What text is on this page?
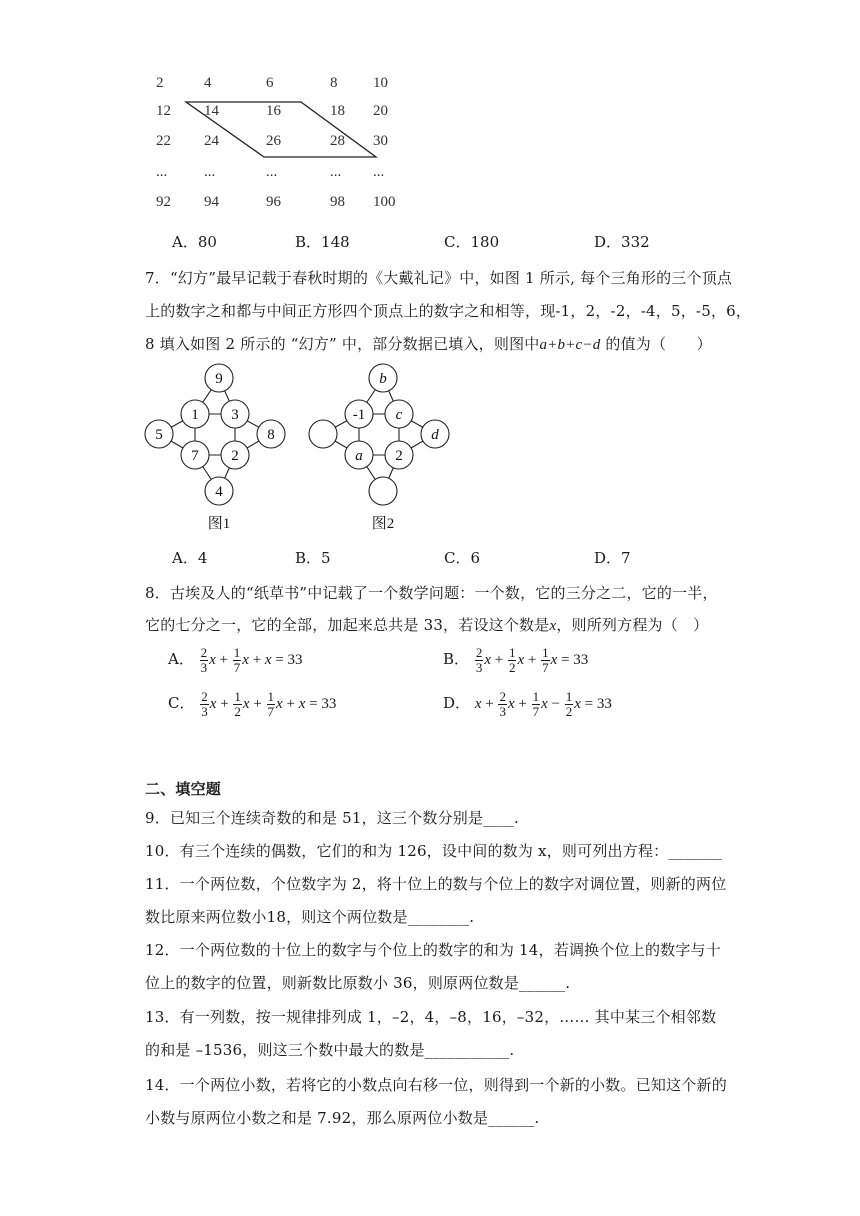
2	4	6	8 10
12 14	16	18 20
22 24	26	28 30
... ...	...	... ...
92 94	96	98 100
A．80	B．148	C．180	D．332
7．“幻方”最早记载于春秋时期的《大戴礼记》中，如图 1 所示, 每个三角形的三个顶点
上的数字之和都与中间正方形四个顶点上的数字之和相等，现-1，2，-2，-4，5，-5，6，
8 填入如图 2 所示的 “幻方” 中，部分数据已填入，则图中a+b+c−d 的值为（　　）
9
1 3
5	8
7 2
4
图1
b
-1 c
d
a 2
图2
A．4	B．5	C．6	D．7
8．古埃及人的“纸草书”中记载了一个数学问题：一个数，它的三分之二，它的一半，
它的七分之一，它的全部，加起来总共是 33，若设这个数是x，则所列方程为（　）
A． $\frac{2}{3}$ $x + \frac{1}{7}$ x + x = 33	B． $\frac{2}{3}$ $x + \frac{1}{2}$ $x + \frac{1}{7}$ x = 33
C． $\frac{2}{3}$ $x + \frac{1}{2}$ $x + \frac{1}{7}$ x + x = 33	D． $x + \frac{2}{3}$ $x + \frac{1}{7}$ $x - \frac{1}{2}$ x = 33
二、填空题
9．已知三个连续奇数的和是 51，这三个数分别是____.
10．有三个连续的偶数，它们的和为 126，设中间的数为 x，则可列出方程：_______
11．一个两位数，个位数字为 2，将十位上的数与个位上的数字对调位置，则新的两位
数比原来两位数小18，则这个两位数是________.
12．一个两位数的十位上的数字与个位上的数字的和为 14，若调换个位上的数字与十
位上的数字的位置，则新数比原数小 36，则原两位数是______.
13．有一列数，按一规律排列成 1，–2，4，–8，16，–32，…… 其中某三个相邻数
的和是 –1536，则这三个数中最大的数是___________.
14．一个两位小数，若将它的小数点向右移一位，则得到一个新的小数。已知这个新的
小数与原两位小数之和是 7.92，那么原两位小数是______.
